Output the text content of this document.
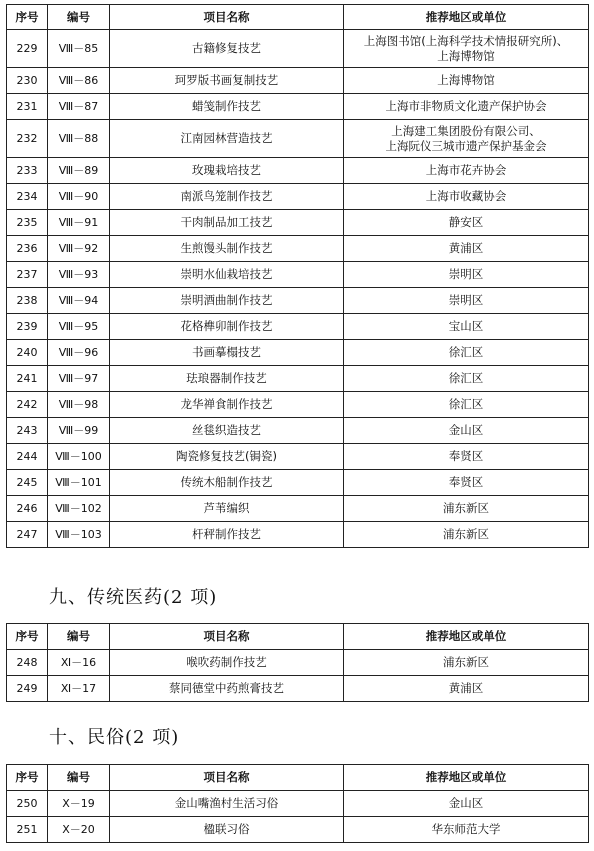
序号	编号	项目名称	推荐地区或单位
229	Ⅷ－85	古籍修复技艺	上海图书馆(上海科学技术情报研究所)、
上海博物馆

230	Ⅷ－86	珂罗版书画复制技艺	上海博物馆

231	Ⅷ－87	蜡笺制作技艺	上海市非物质文化遗产保护协会

232	Ⅷ－88	江南园林营造技艺	上海建工集团股份有限公司、
上海阮仪三城市遗产保护基金会

233	Ⅷ－89	玫瑰栽培技艺	上海市花卉协会

234	Ⅷ－90	南派鸟笼制作技艺	上海市收藏协会

235	Ⅷ－91	干肉制品加工技艺	静安区

236	Ⅷ－92	生煎馒头制作技艺	黄浦区

237	Ⅷ－93	崇明水仙栽培技艺	崇明区

238	Ⅷ－94	崇明酒曲制作技艺	崇明区

239	Ⅷ－95	花格榫卯制作技艺	宝山区

240	Ⅷ－96	书画摹榻技艺	徐汇区

241	Ⅷ－97	珐琅器制作技艺	徐汇区

242	Ⅷ－98	龙华禅食制作技艺	徐汇区

243	Ⅷ－99	丝毯织造技艺	金山区

244	Ⅷ－100	陶瓷修复技艺(锔瓷)	奉贤区

245	Ⅷ－101	传统木船制作技艺	奉贤区

246	Ⅷ－102	芦苇编织	浦东新区

247	Ⅷ－103	杆秤制作技艺	浦东新区
九、传统医药(2 项)
序号	编号	项目名称	推荐地区或单位
248	Ⅺ－16	喉吹药制作技艺	浦东新区

249	Ⅺ－17	蔡同德堂中药煎膏技艺	黄浦区
十、民俗(2 项)
序号	编号	项目名称	推荐地区或单位
250	Ⅹ－19	金山嘴渔村生活习俗	金山区

251	Ⅹ－20	楹联习俗	华东师范大学
